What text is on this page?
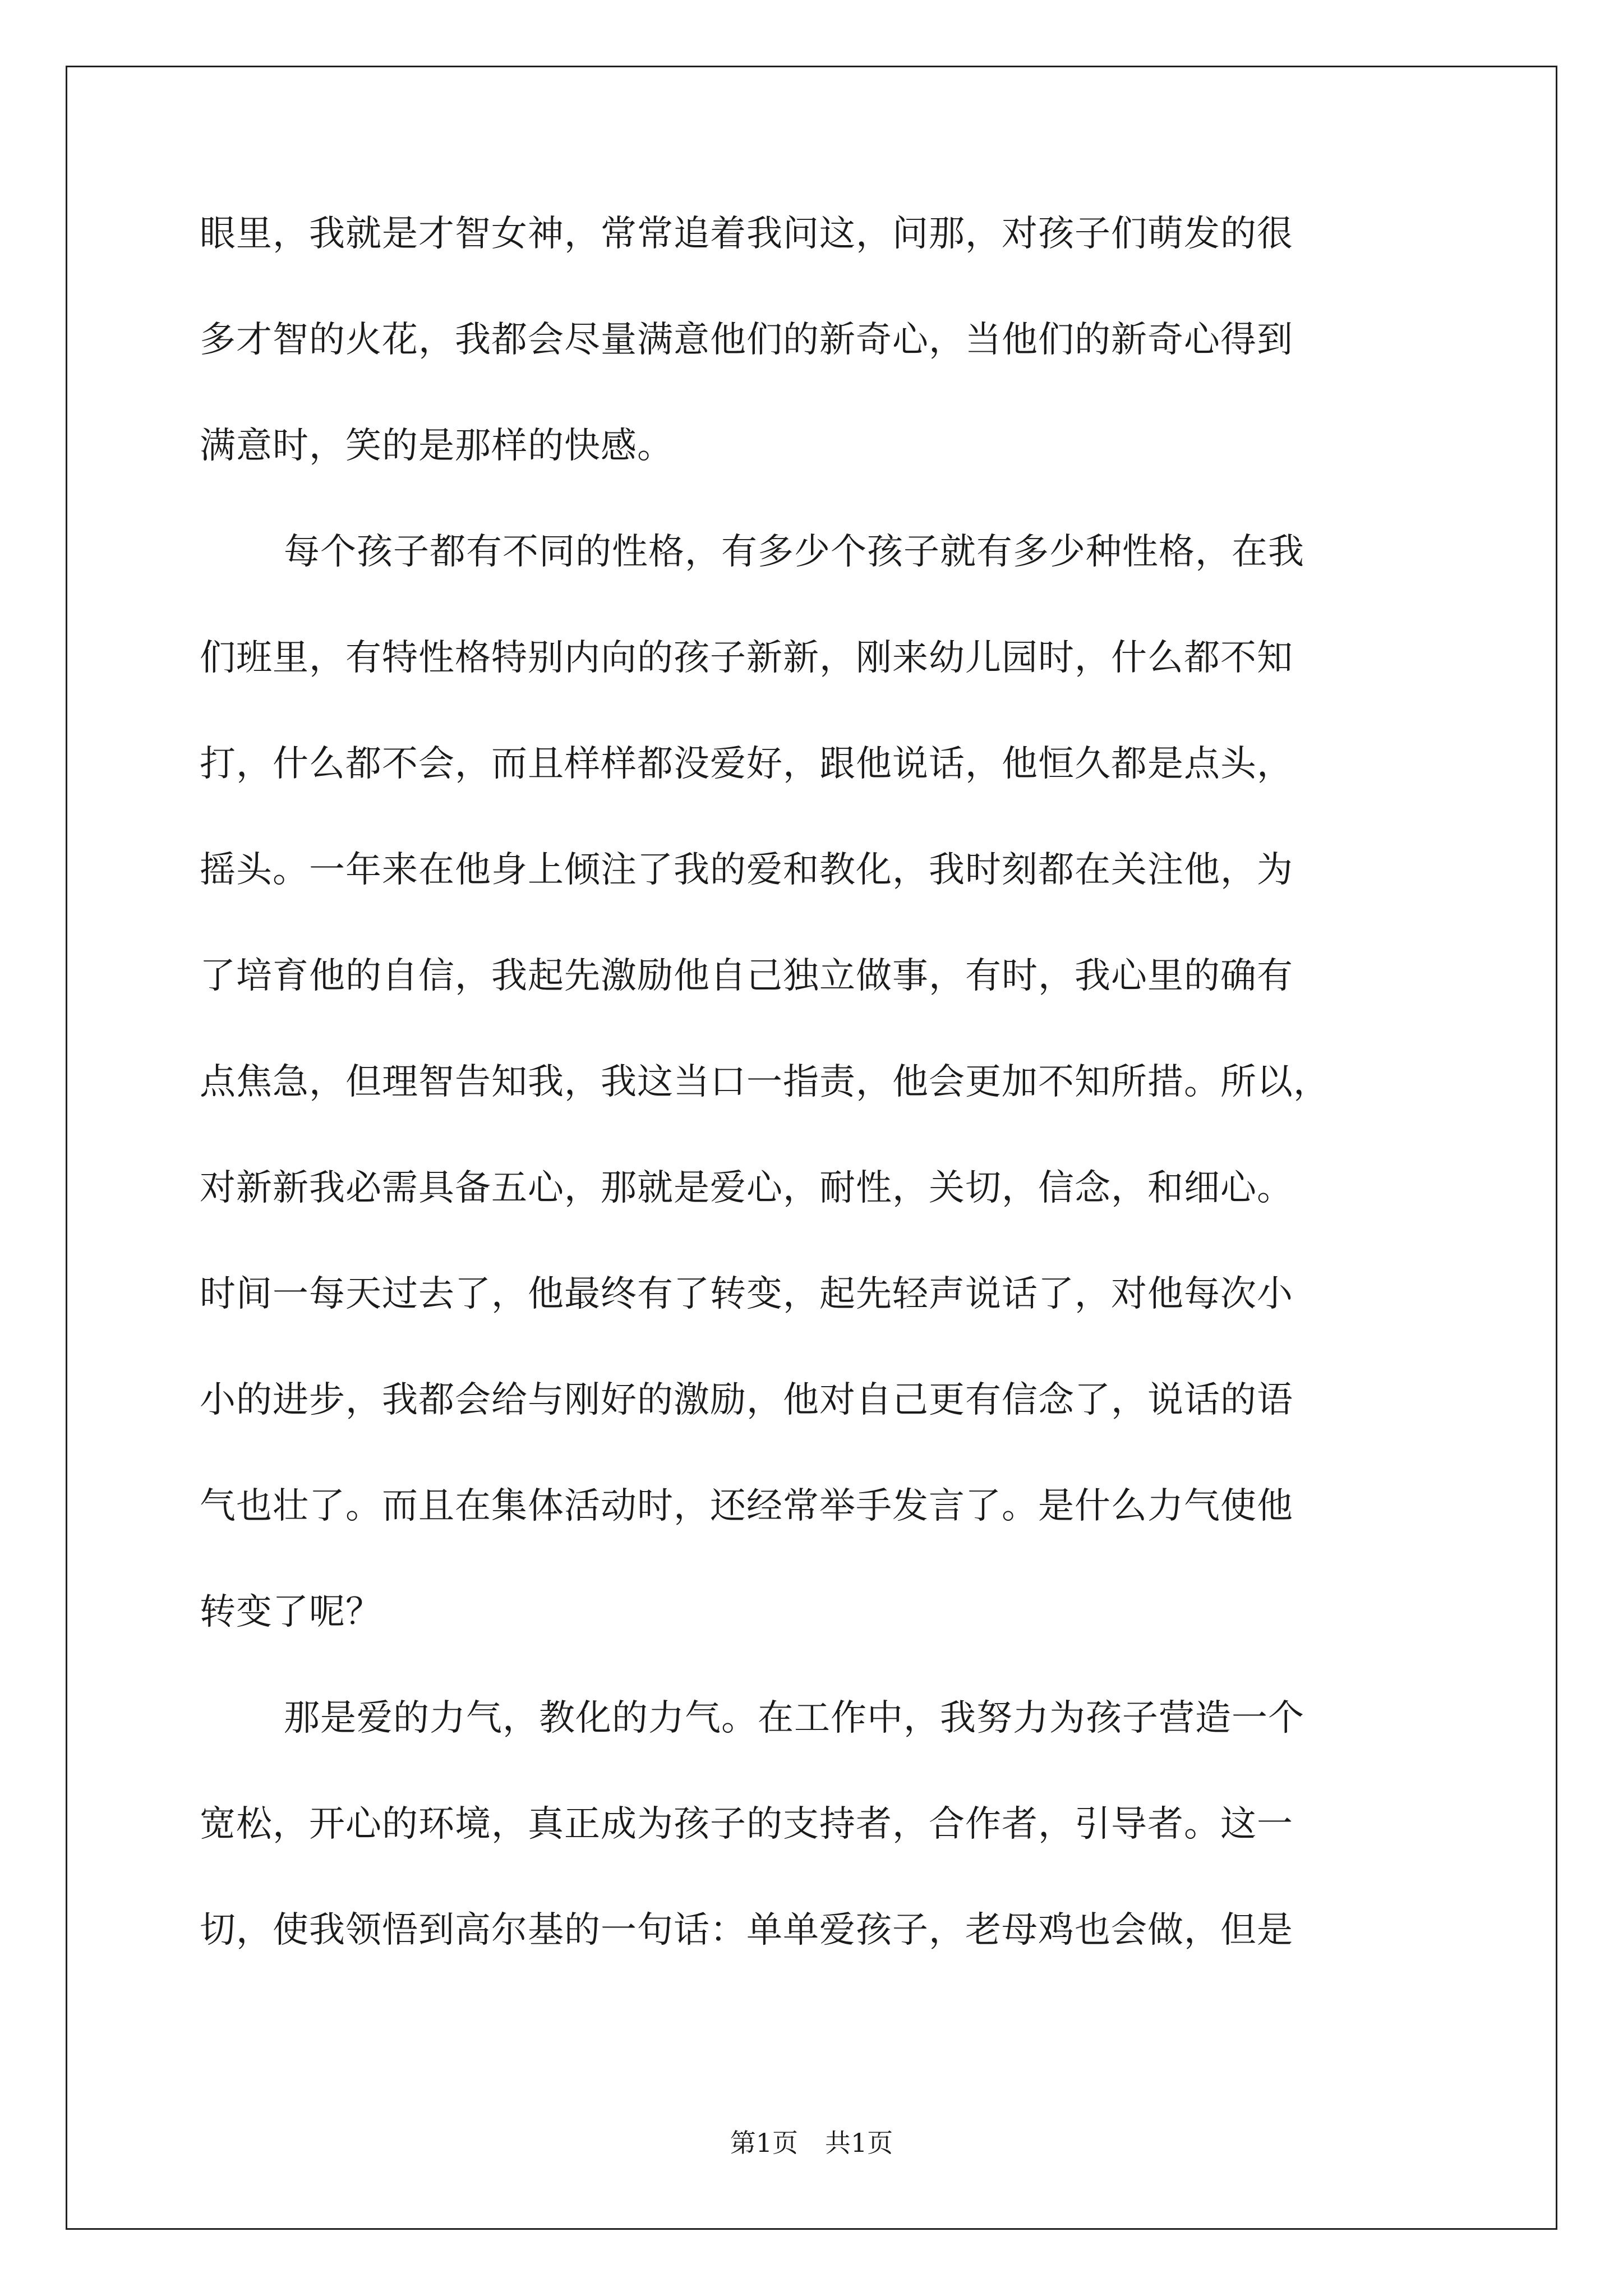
眼里，我就是才智女神，常常追着我问这，问那，对孩子们萌发的很
多才智的火花，我都会尽量满意他们的新奇心，当他们的新奇心得到
满意时，笑的是那样的快感。
每个孩子都有不同的性格，有多少个孩子就有多少种性格，在我
们班里，有特性格特别内向的孩子新新，刚来幼儿园时，什么都不知
打，什么都不会，而且样样都没爱好，跟他说话，他恒久都是点头，
摇头。一年来在他身上倾注了我的爱和教化，我时刻都在关注他，为
了培育他的自信，我起先激励他自己独立做事，有时，我心里的确有
点焦急，但理智告知我，我这当口一指责，他会更加不知所措。所以，
对新新我必需具备五心，那就是爱心，耐性，关切，信念，和细心。
时间一每天过去了，他最终有了转变，起先轻声说话了，对他每次小
小的进步，我都会给与刚好的激励，他对自己更有信念了，说话的语
气也壮了。而且在集体活动时，还经常举手发言了。是什么力气使他
转变了呢？
那是爱的力气，教化的力气。在工作中，我努力为孩子营造一个
宽松，开心的环境，真正成为孩子的支持者，合作者，引导者。这一
切，使我领悟到高尔基的一句话：单单爱孩子，老母鸡也会做，但是
第1页 共1页
